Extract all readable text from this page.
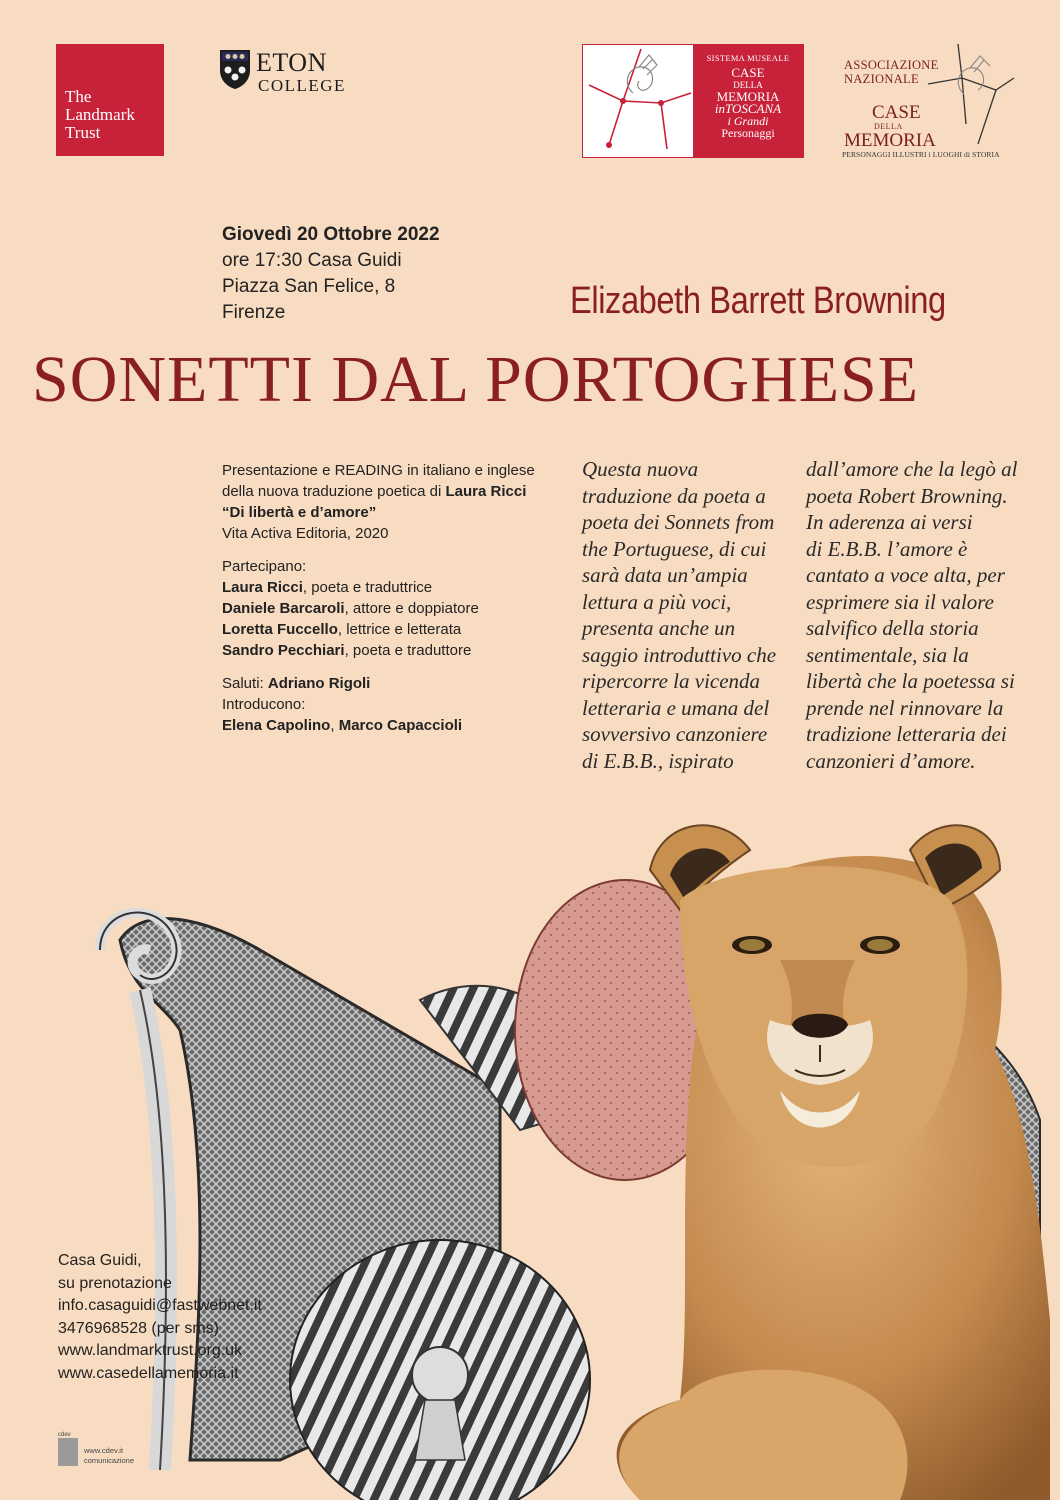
The
Landmark
Trust
ETON
COLLEGE
SISTEMA MUSEALE
CASE
DELLA
MEMORIA
inTOSCANA
i Grandi
Personaggi
ASSOCIAZIONE
NAZIONALE
CASE
DELLA
MEMORIA
PERSONAGGI ILLUSTRI i LUOGHI di STORIA
Giovedì 20 Ottobre 2022
ore 17:30 Casa Guidi
Piazza San Felice, 8
Firenze	Elizabeth Barrett Browning
SONETTI DAL PORTOGHESE
Presentazione e READING in italiano e inglese
della nuova traduzione poetica di Laura Ricci
“Di libertà e d’amore”
Vita Activa Editoria, 2020
Partecipano:
Laura Ricci, poeta e traduttrice
Daniele Barcaroli, attore e doppiatore
Loretta Fuccello, lettrice e letterata
Sandro Pecchiari, poeta e traduttore
Saluti: Adriano Rigoli
Introducono:
Elena Capolino, Marco Capaccioli
Questa nuova
traduzione da poeta a
poeta dei Sonnets from
the Portuguese, di cui
sarà data un’ampia
lettura a più voci,
presenta anche un
saggio introduttivo che
ripercorre la vicenda
letteraria e umana del
sovversivo canzoniere
di E.B.B., ispirato
dall’amore che la legò al
poeta Robert Browning.
In aderenza ai versi
di E.B.B. l’amore è
cantato a voce alta, per
esprimere sia il valore
salvifico della storia
sentimentale, sia la
libertà che la poetessa si
prende nel rinnovare la
tradizione letteraria dei
canzonieri d’amore.
Casa Guidi,
su prenotazione
info.casaguidi@fastwebnet.it
3476968528 (per sms)
www.landmarktrust.org.uk
www.casedellamemoria.it
cdev
www.cdev.it
comunicazione
